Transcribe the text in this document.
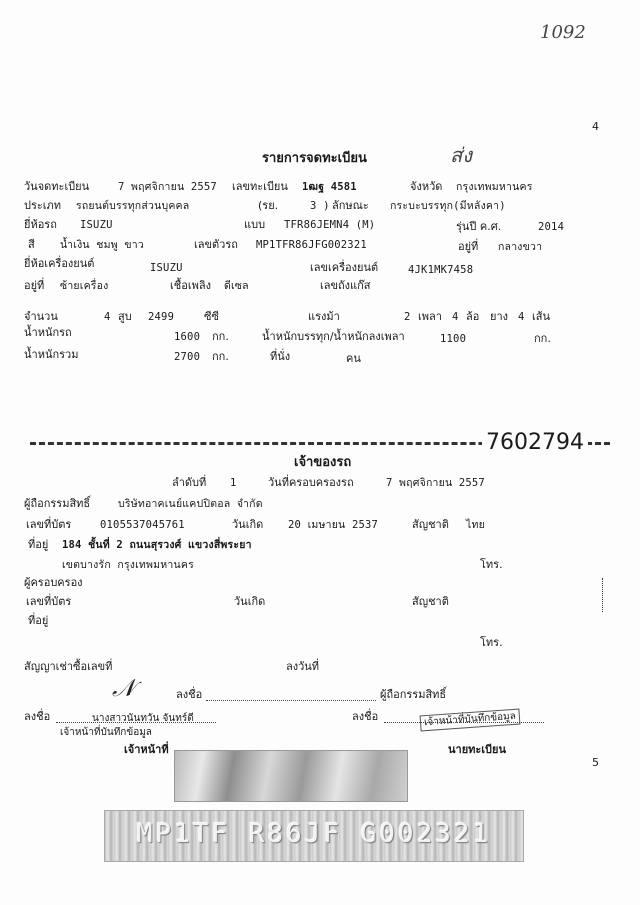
1092
4
รายการจดทะเบียน	ส่ง
วันจดทะเบียน	7 พฤศจิกายน 2557 เลขทะเบียน 1ฒฐ 4581	จังหวัด กรุงเทพมหานคร
ประเภท รถยนต์บรรทุกส่วนบุคคล	(รย.	3 ) ลักษณะ กระบะบรรทุก(มีหลังคา)
ยี่ห้อรถ ISUZU	แบบ TFR86JEMN4 (M)	รุ่นปี ค.ศ.	2014
สี น้ำเงิน ชมพู ขาว	เลขตัวรถ MP1TFR86JFG002321	อยู่ที่ กลางขวา
ยี่ห้อเครื่องยนต์	ISUZU	เลขเครื่องยนต์	4JK1MK7458
อยู่ที่ ซ้ายเครื่อง	เชื้อเพลิง ดีเซล	เลขถังแก๊ส
จำนวน	4 สูบ 2499	ซีซี	แรงม้า	2 เพลา 4 ล้อ ยาง 4 เส้น
น้ำหนักรถ	1600 กก.	น้ำหนักบรรทุก/น้ำหนักลงเพลา	1100	กก.
น้ำหนักรวม	2700 กก.	ที่นั่ง	คน
7602794
เจ้าของรถ
ลำดับที่ 1	วันที่ครอบครองรถ	7 พฤศจิกายน 2557
ผู้ถือกรรมสิทธิ์	บริษัทอาคเนย์แคปปิตอล จำกัด
เลขที่บัตร	0105537045761	วันเกิด 20 เมษายน 2537	สัญชาติ ไทย
ที่อยู่ 184 ชั้นที่ 2 ถนนสุรวงศ์ แขวงสี่พระยา
เขตบางรัก กรุงเทพมหานคร	โทร.
ผู้ครอบครอง
เลขที่บัตร	วันเกิด	สัญชาติ
ที่อยู่
โทร.
สัญญาเช่าซื้อเลขที่	ลงวันที่
𝒩	ลงชื่อ	ผู้ถือกรรมสิทธิ์
ลงชื่อ	นางสาวนันทวัน จันทร์ดี
เจ้าหน้าที่บันทึกข้อมูล
ลงชื่อ	เจ้าหน้าที่บันทึกข้อมูล
เจ้าหน้าที่	นายทะเบียน
5
MP1TF R86JF G002321
